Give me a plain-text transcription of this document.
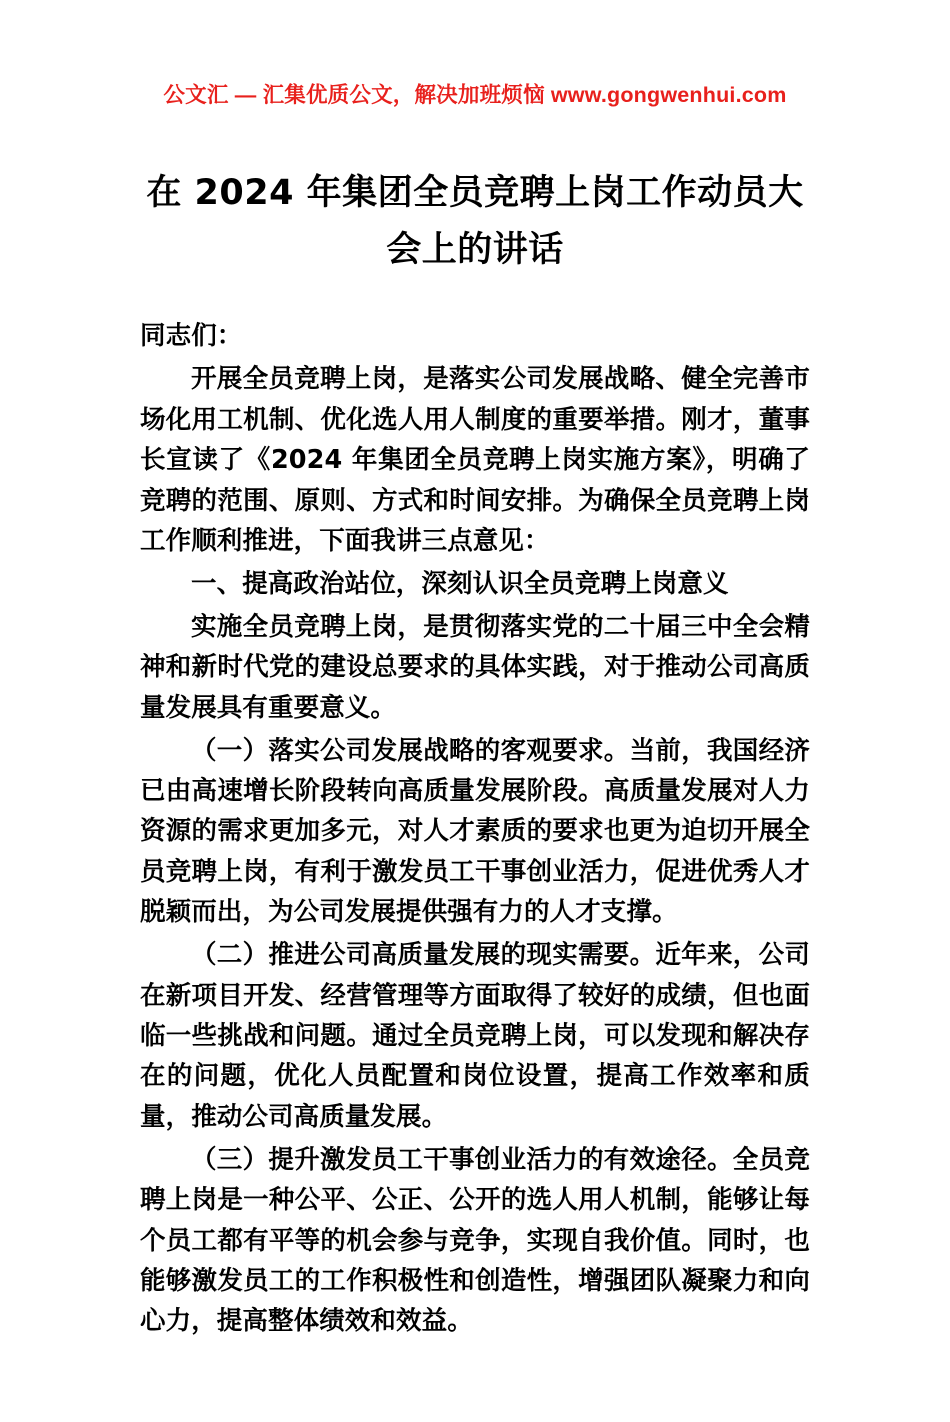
公文汇 — 汇集优质公文，解决加班烦恼 www.gongwenhui.com
在 2024 年集团全员竞聘上岗工作动员大会上的讲话

同志们：

开展全员竞聘上岗，是落实公司发展战略、健全完善市场化用工机制、优化选人用人制度的重要举措。刚才，董事长宣读了《2024 年集团全员竞聘上岗实施方案》，明确了竞聘的范围、原则、方式和时间安排。为确保全员竞聘上岗工作顺利推进，下面我讲三点意见：

一、提高政治站位，深刻认识全员竞聘上岗意义

实施全员竞聘上岗，是贯彻落实党的二十届三中全会精神和新时代党的建设总要求的具体实践，对于推动公司高质量发展具有重要意义。

（一）落实公司发展战略的客观要求。当前，我国经济已由高速增长阶段转向高质量发展阶段。高质量发展对人力资源的需求更加多元，对人才素质的要求也更为迫切开展全员竞聘上岗，有利于激发员工干事创业活力，促进优秀人才脱颖而出，为公司发展提供强有力的人才支撑。

（二）推进公司高质量发展的现实需要。近年来，公司在新项目开发、经营管理等方面取得了较好的成绩，但也面临一些挑战和问题。通过全员竞聘上岗，可以发现和解决存在的问题，优化人员配置和岗位设置，提高工作效率和质量，推动公司高质量发展。

（三）提升激发员工干事创业活力的有效途径。全员竞聘上岗是一种公平、公正、公开的选人用人机制，能够让每个员工都有平等的机会参与竞争，实现自我价值。同时，也能够激发员工的工作积极性和创造性，增强团队凝聚力和向心力，提高整体绩效和效益。
